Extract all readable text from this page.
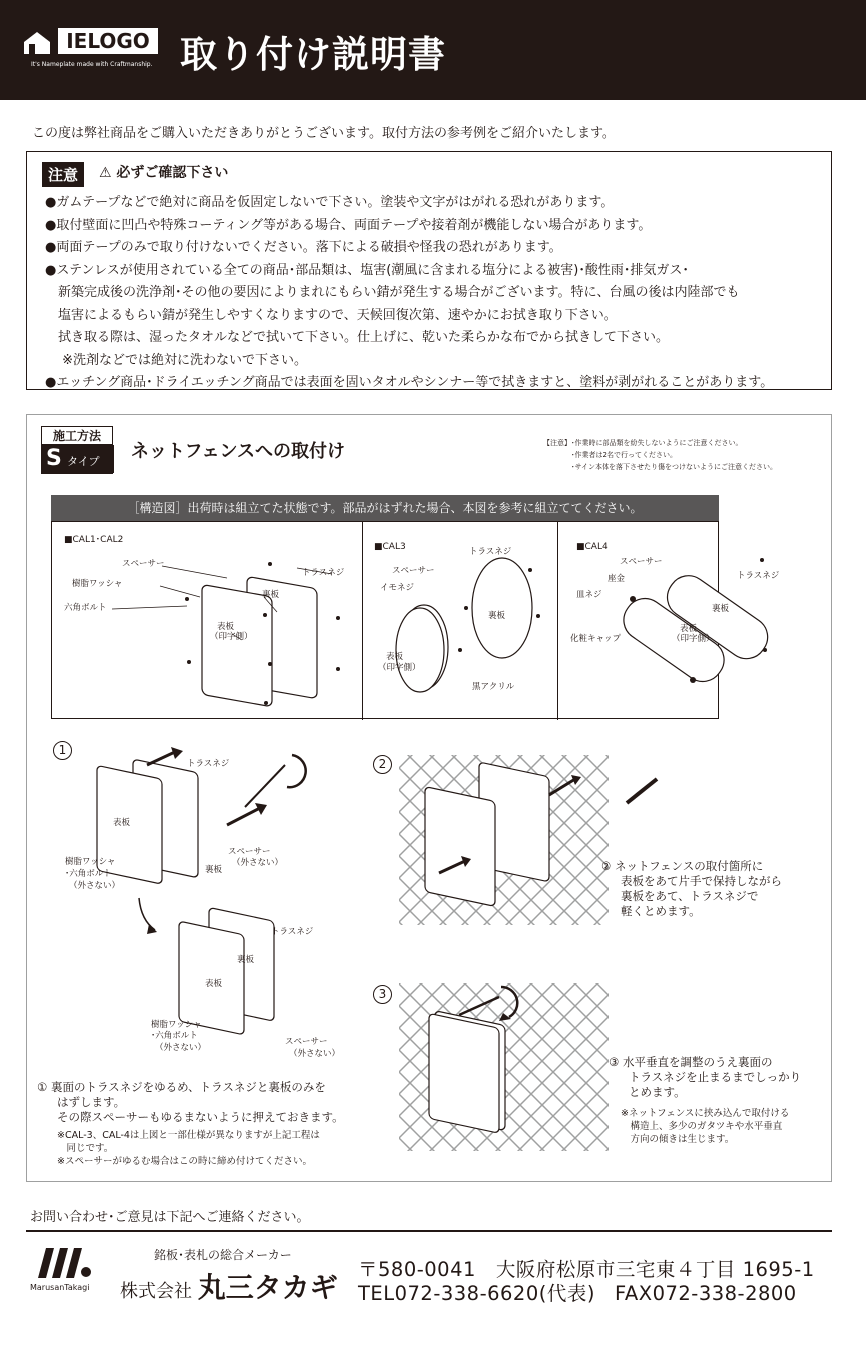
IELOGO
It's Nameplate made with Craftmanship. 取り付け説明書
この度は弊社商品をご購入いただきありがとうございます。取付方法の参考例をご紹介いたします。
注意	⚠ 必ずご確認下さい
●ガムテープなどで絶対に商品を仮固定しないで下さい。塗装や文字がはがれる恐れがあります。
●取付壁面に凹凸や特殊コーティング等がある場合、両面テープや接着剤が機能しない場合があります。
●両面テープのみで取り付けないでください。落下による破損や怪我の恐れがあります。
●ステンレスが使用されている全ての商品･部品類は、塩害(潮風に含まれる塩分による被害)･酸性雨･排気ガス･
　新築完成後の洗浄剤･その他の要因によりまれにもらい錆が発生する場合がございます。特に、台風の後は内陸部でも
　塩害によるもらい錆が発生しやすくなりますので、天候回復次第、速やかにお拭き取り下さい。
　拭き取る際は、湿ったタオルなどで拭いて下さい。仕上げに、乾いた柔らかな布でから拭きして下さい。
　 ※洗剤などでは絶対に洗わないで下さい。
●エッチング商品･ドライエッチング商品では表面を固いタオルやシンナー等で拭きますと、塗料が剥がれることがあります。
施工方法
S タイプ ネットフェンスへの取付け	【注意】･作業時に部品類を紛失しないようにご注意ください。
　　　　･作業者は2名で行ってください。
　　　　･サイン本体を落下させたり傷をつけないようにご注意ください。
［構造図］出荷時は組立てた状態です。部品がはずれた場合、本図を参考に組立ててください。
■CAL1･CAL2
スペーサー
樹脂ワッシャ
六角ボルト
トラスネジ
裏板
表板
（印字側）
■CAL3	トラスネジ
スペーサー
イモネジ
裏板
表板
（印字側）
黒アクリル
■CAL4
スペーサー
座金	トラスネジ
皿ネジ
裏板
表板
（印字側）
化粧キャップ
1
トラスネジ
表板
スペーサー
（外さない）
裏板
樹脂ワッシャ
･六角ボルト
（外さない）
トラスネジ
裏板
表板
樹脂ワッシャ
･六角ボルト
（外さない）
スペーサー
（外さない）
① 裏面のトラスネジをゆるめ、トラスネジと裏板のみを
はずします。
その際スペーサーもゆるまないように押えておきます。
※CAL-3、CAL-4は上図と一部仕様が異なりますが上記工程は
　同じです。
※スペーサーがゆるむ場合はこの時に締め付けてください。
2
② ネットフェンスの取付箇所に
表板をあて片手で保持しながら
裏板をあて、トラスネジで
軽くとめます。
3
③ 水平垂直を調整のうえ裏面の
トラスネジを止まるまでしっかり
とめます。
※ネットフェンスに挟み込んで取付ける
　構造上、多少のガタツキや水平垂直
　方向の傾きは生じます。
お問い合わせ･ご意見は下記へご連絡ください。
MarusanTakagi
銘板･表札の総合メーカー
株式会社 丸三タカギ
〒580-0041　大阪府松原市三宅東４丁目 1695-1
TEL072-338-6620(代表)　FAX072-338-2800
